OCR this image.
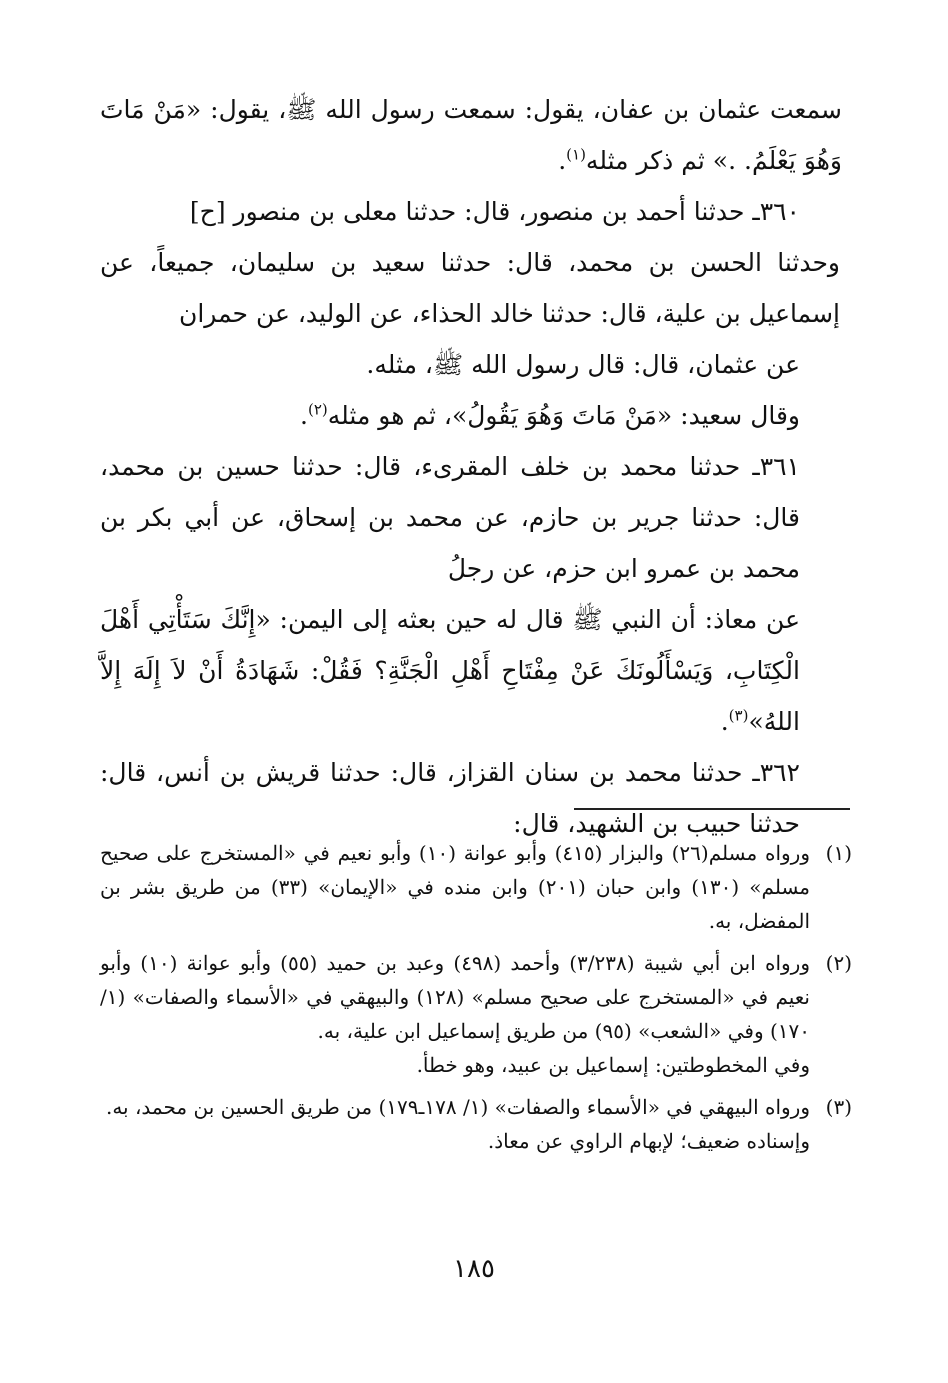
سمعت عثمان بن عفان، يقول: سمعت رسول الله ﷺ، يقول: «مَنْ مَاتَ وَهُوَ يَعْلَمُ. .» ثم ذكر مثله$^{(١)}$.

٣٦٠ـ حدثنا أحمد بن منصور، قال: حدثنا معلى بن منصور [ح]

وحدثنا الحسن بن محمد، قال: حدثنا سعيد بن سليمان، جميعاً، عن إسماعيل بن علية، قال: حدثنا خالد الحذاء، عن الوليد، عن حمران

عن عثمان، قال: قال رسول الله ﷺ، مثله.

وقال سعيد: «مَنْ مَاتَ وَهُوَ يَقُولُ»، ثم هو مثله$^{(٢)}$.

٣٦١ـ حدثنا محمد بن خلف المقرىء، قال: حدثنا حسين بن محمد، قال: حدثنا جرير بن حازم، عن محمد بن إسحاق، عن أبي بكر بن محمد بن عمرو ابن حزم، عن رجلُ

عن معاذ: أن النبي ﷺ قال له حين بعثه إلى اليمن: «إِنَّكَ سَتَأْتِي أَهْلَ الْكِتَابِ، وَيَسْأَلُونَكَ عَنْ مِفْتَاحِ أَهْلِ الْجَنَّةِ؟ فَقُلْ: شَهَادَةُ أَنْ لاَ إِلَهَ إِلاَّ اللهُ»$^{(٣)}$.

٣٦٢ـ حدثنا محمد بن سنان القزاز، قال: حدثنا قريش بن أنس، قال: حدثنا حبيب بن الشهيد، قال:

(١)

ورواه مسلم(٢٦) والبزار (٤١٥) وأبو عوانة (١٠) وأبو نعيم في «المستخرج على صحيح مسلم» (١٣٠) وابن حبان (٢٠١) وابن منده في «الإيمان» (٣٣) من طريق بشر بن المفضل، به.

(٢)

ورواه ابن أبي شيبة (٣/٢٣٨) وأحمد (٤٩٨) وعبد بن حميد (٥٥) وأبو عوانة (١٠) وأبو نعيم في «المستخرج على صحيح مسلم» (١٢٨) والبيهقي في «الأسماء والصفات» (١/ ١٧٠) وفي «الشعب» (٩٥) من طريق إسماعيل ابن علية، به.

وفي المخطوطتين: إسماعيل بن عبيد، وهو خطأ.

(٣)

ورواه البيهقي في «الأسماء والصفات» (١/ ١٧٨ـ١٧٩) من طريق الحسين بن محمد، به.

وإسناده ضعيف؛ لإبهام الراوي عن معاذ.

١٨٥
